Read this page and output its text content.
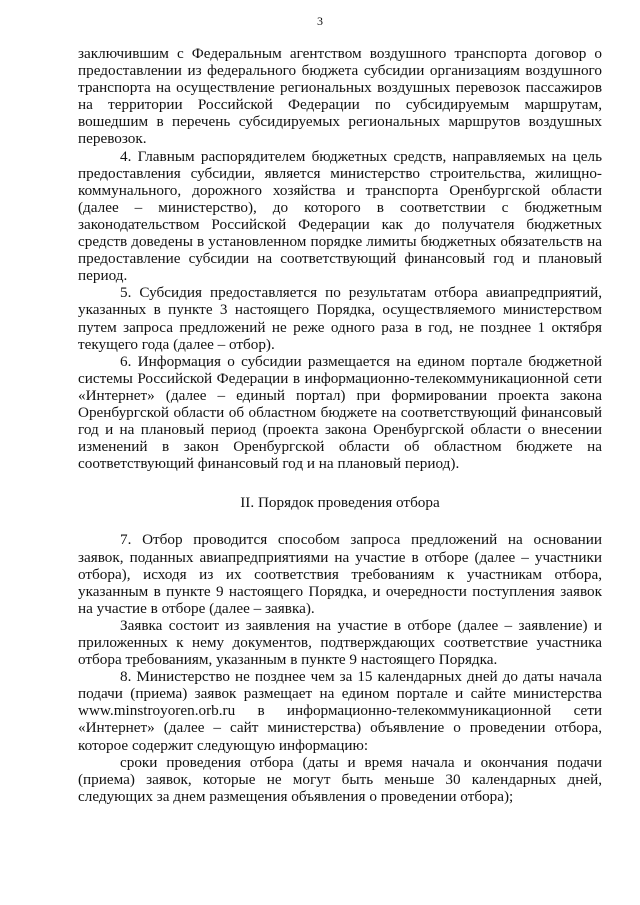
3

заключившим с Федеральным агентством воздушного транспорта договор о предоставлении из федерального бюджета субсидии организациям воздушного транспорта на осуществление региональных воздушных перевозок пассажиров на территории Российской Федерации по субсидируемым маршрутам, вошедшим в перечень субсидируемых региональных маршрутов воздушных перевозок.

4. Главным распорядителем бюджетных средств, направляемых на цель предоставления субсидии, является министерство строительства, жилищно-коммунального, дорожного хозяйства и транспорта Оренбургской области (далее – министерство), до которого в соответствии с бюджетным законодательством Российской Федерации как до получателя бюджетных средств доведены в установленном порядке лимиты бюджетных обязательств на предоставление субсидии на соответствующий финансовый год и плановый период.

5. Субсидия предоставляется по результатам отбора авиапредприятий, указанных в пункте 3 настоящего Порядка, осуществляемого министерством путем запроса предложений не реже одного раза в год, не позднее 1 октября текущего года (далее – отбор).

6. Информация о субсидии размещается на едином портале бюджетной системы Российской Федерации в информационно-телекоммуникационной сети «Интернет» (далее – единый портал) при формировании проекта закона Оренбургской области об областном бюджете на соответствующий финансовый год и на плановый период (проекта закона Оренбургской области о внесении изменений в закон Оренбургской области об областном бюджете на соответствующий финансовый год и на плановый период).

II. Порядок проведения отбора

7. Отбор проводится способом запроса предложений на основании заявок, поданных авиапредприятиями на участие в отборе (далее – участники отбора), исходя из их соответствия требованиям к участникам отбора, указанным в пункте 9 настоящего Порядка, и очередности поступления заявок на участие в отборе (далее – заявка).

Заявка состоит из заявления на участие в отборе (далее – заявление) и приложенных к нему документов, подтверждающих соответствие участника отбора требованиям, указанным в пункте 9 настоящего Порядка.

8. Министерство не позднее чем за 15 календарных дней до даты начала подачи (приема) заявок размещает на едином портале и сайте министерства www.minstroyoren.orb.ru в информационно-телекоммуникационной сети «Интернет» (далее – сайт министерства) объявление о проведении отбора, которое содержит следующую информацию:

сроки проведения отбора (даты и время начала и окончания подачи (приема) заявок, которые не могут быть меньше 30 календарных дней, следующих за днем размещения объявления о проведении отбора);
